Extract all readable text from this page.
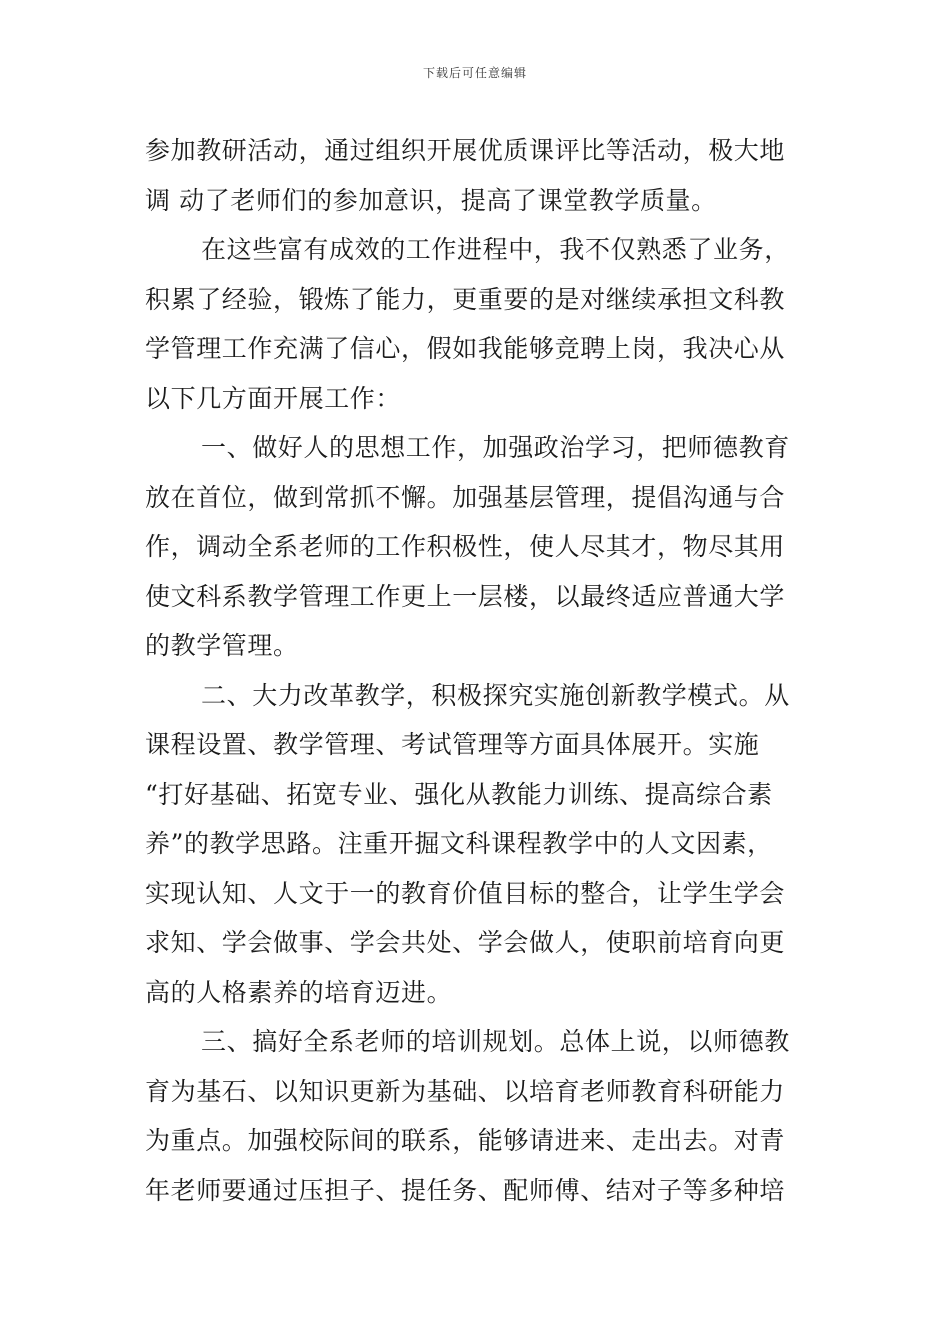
下载后可任意编辑
参加教研活动，通过组织开展优质课评比等活动，极大地
调 动了老师们的参加意识，提高了课堂教学质量。
在这些富有成效的工作进程中，我不仅熟悉了业务，
积累了经验，锻炼了能力，更重要的是对继续承担文科教
学管理工作充满了信心，假如我能够竞聘上岗，我决心从
以下几方面开展工作：
一、做好人的思想工作，加强政治学习，把师德教育
放在首位，做到常抓不懈。加强基层管理，提倡沟通与合
作，调动全系老师的工作积极性，使人尽其才，物尽其用
使文科系教学管理工作更上一层楼，以最终适应普通大学
的教学管理。
二、大力改革教学，积极探究实施创新教学模式。从
课程设置、教学管理、考试管理等方面具体展开。实施
“打好基础、拓宽专业、强化从教能力训练、提高综合素
养”的教学思路。注重开掘文科课程教学中的人文因素，
实现认知、人文于一的教育价值目标的整合，让学生学会
求知、学会做事、学会共处、学会做人，使职前培育向更
高的人格素养的培育迈进。
三、搞好全系老师的培训规划。总体上说，以师德教
育为基石、以知识更新为基础、以培育老师教育科研能力
为重点。加强校际间的联系，能够请进来、走出去。对青
年老师要通过压担子、提任务、配师傅、结对子等多种培
